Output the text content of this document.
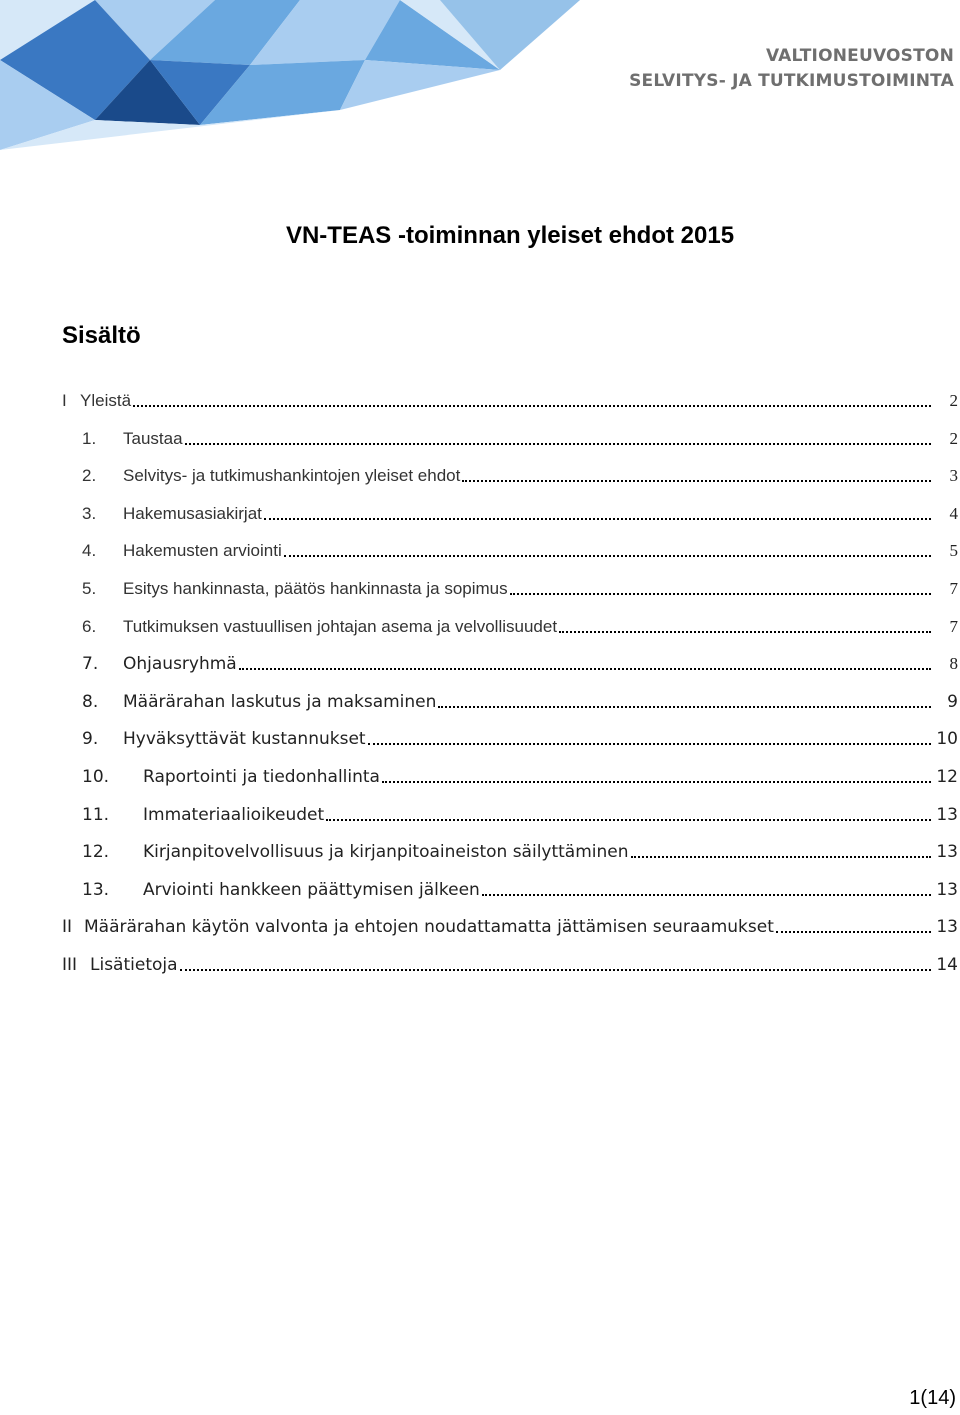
VALTIONEUVOSTON
SELVITYS- JA TUTKIMUSTOIMINTA
VN-TEAS -toiminnan yleiset ehdot 2015
Sisältö
I Yleistä	2
1. Taustaa	2
2. Selvitys- ja tutkimushankintojen yleiset ehdot	3
3. Hakemusasiakirjat	4
4. Hakemusten arviointi	5
5. Esitys hankinnasta, päätös hankinnasta ja sopimus	7
6. Tutkimuksen vastuullisen johtajan asema ja velvollisuudet	7
7. Ohjausryhmä	8
8. Määrärahan laskutus ja maksaminen	9
9. Hyväksyttävät kustannukset	10
10. Raportointi ja tiedonhallinta	12
11. Immateriaalioikeudet	13
12. Kirjanpitovelvollisuus ja kirjanpitoaineiston säilyttäminen	13
13. Arviointi hankkeen päättymisen jälkeen	13
II Määrärahan käytön valvonta ja ehtojen noudattamatta jättämisen seuraamukset	13
III Lisätietoja	14
1(14)
